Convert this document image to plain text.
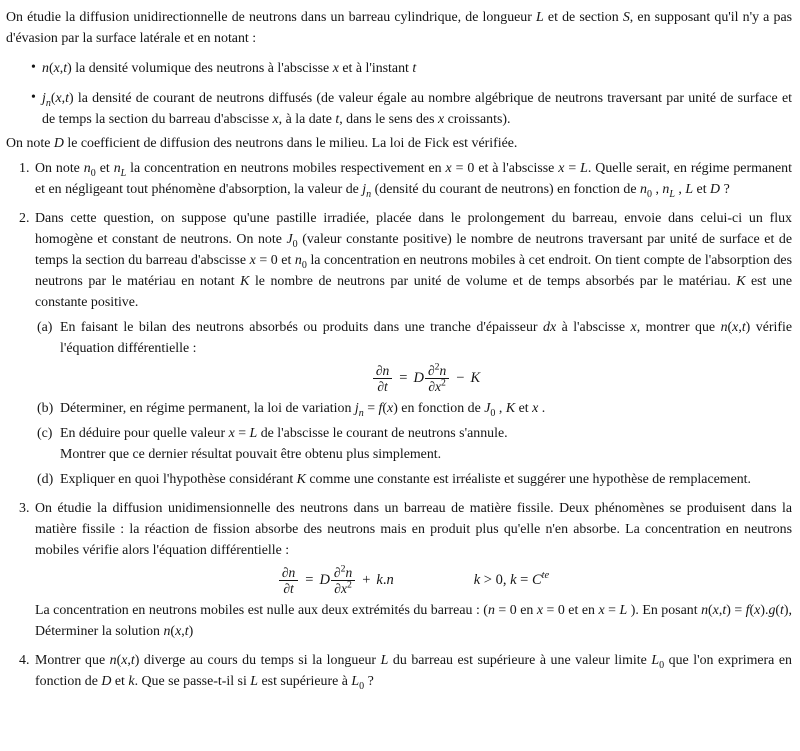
On étudie la diffusion unidirectionnelle de neutrons dans un barreau cylindrique, de longueur L et de section S, en supposant qu'il n'y a pas d'évasion par la surface latérale et en notant :
• n(x,t) la densité volumique des neutrons à l'abscisse x et à l'instant t
• $j_n(x,t)$ la densité de courant de neutrons diffusés (de valeur égale au nombre algébrique de neutrons traversant par unité de surface et de temps la section du barreau d'abscisse x, à la date t, dans le sens des x croissants).
On note D le coefficient de diffusion des neutrons dans le milieu. La loi de Fick est vérifiée.
1. On note $n_0$ et $n_L$ la concentration en neutrons mobiles respectivement en x = 0 et à l'abscisse x = L. Quelle serait, en régime permanent et en négligeant tout phénomène d'absorption, la valeur de $j_n$ (densité du courant de neutrons) en fonction de $n_0$ , $n_L$ , L et D ?
2. Dans cette question, on suppose qu'une pastille irradiée, placée dans le prolongement du barreau, envoie dans celui-ci un flux homogène et constant de neutrons. On note $J_0$ (valeur constante positive) le nombre de neutrons traversant par unité de surface et de temps la section du barreau d'abscisse x = 0 et $n_0$ la concentration en neutrons mobiles à cet endroit. On tient compte de l'absorption des neutrons par le matériau en notant K le nombre de neutrons par unité de volume et de temps absorbés par le matériau. K est une constante positive.
(a) En faisant le bilan des neutrons absorbés ou produits dans une tranche d'épaisseur dx à l'abscisse x, montrer que n(x,t) vérifie l'équation différentielle :
$\frac{\partial n}{\partial t} = D \frac{\partial^2n}{\partial x^2} - K$
(b) Déterminer, en régime permanent, la loi de variation $j_n = f(x)$ en fonction de $J_0$ , K et x .
(c) En déduire pour quelle valeur x = L de l'abscisse le courant de neutrons s'annule.
Montrer que ce dernier résultat pouvait être obtenu plus simplement.
(d) Expliquer en quoi l'hypothèse considérant K comme une constante est irréaliste et suggérer une hypothèse de remplacement.
3. On étudie la diffusion unidimensionnelle des neutrons dans un barreau de matière fissile. Deux phénomènes se produisent dans la matière fissile : la réaction de fission absorbe des neutrons mais en produit plus qu'elle n'en absorbe. La concentration en neutrons mobiles vérifie alors l'équation différentielle :
$\frac{\partial n}{\partial t} = D \frac{\partial^2n}{\partial x^2} + k.n$	k > 0, $k = C^{te}$
La concentration en neutrons mobiles est nulle aux deux extrémités du barreau : (n = 0 en x = 0 et en x = L ). En posant n(x,t) = f(x).g(t), Déterminer la solution n(x,t)
4. Montrer que n(x,t) diverge au cours du temps si la longueur L du barreau est supérieure à une valeur limite $L_0$ que l'on exprimera en fonction de D et k. Que se passe-t-il si L est supérieure à $L_0$ ?
